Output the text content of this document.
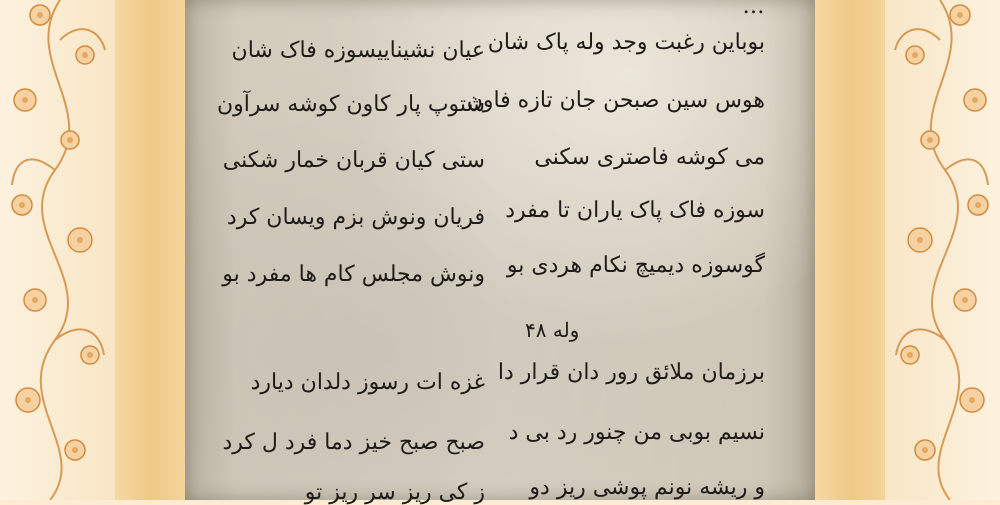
…
بوباین رغبت وجد وله پاک شان
عیان نشیناییسوزه فاک شان
هوس سین صبحن جان تازه فاون
شتوپ پار کاون کوشه سرآون
می کوشه فاصتری سکنی
ستی کیان قربان خمار شکنی
سوزه فاک پاک یاران تا مفرد
فریان ونوش بزم ویسان کرد
گوسوزه دیمیچ نکام هردی بو
ونوش مجلس کام ها مفرد بو
وله ۴۸
برزمان ملائق رور دان قرار دا
غزه ات رسوز دلدان دیارد
نسیم بوبی من چنور رد بی د
صبح صبح خیز دما فرد ل کرد
و ریشه نونم پوشی ریز دو
ز کی ریز سر ریز تو
